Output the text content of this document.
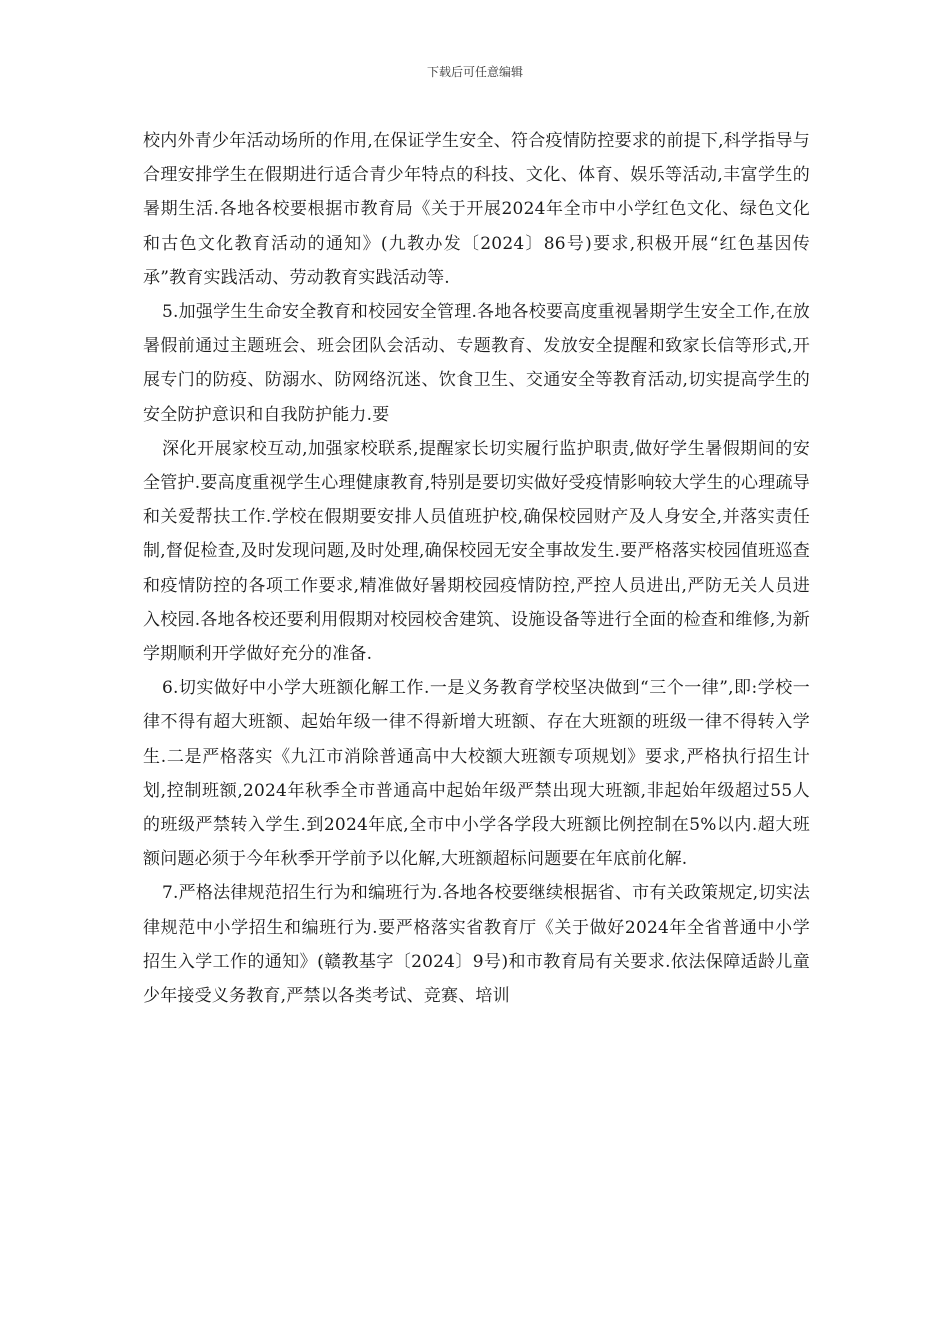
下载后可任意编辑

校内外青少年活动场所的作用,在保证学生安全、符合疫情防控要求的前提下,科学指导与合理安排学生在假期进行适合青少年特点的科技、文化、体育、娱乐等活动,丰富学生的暑期生活.各地各校要根据市教育局《关于开展2024年全市中小学红色文化、绿色文化和古色文化教育活动的通知》(九教办发〔2024〕86号)要求,积极开展“红色基因传承”教育实践活动、劳动教育实践活动等.

5.加强学生生命安全教育和校园安全管理.各地各校要高度重视暑期学生安全工作,在放暑假前通过主题班会、班会团队会活动、专题教育、发放安全提醒和致家长信等形式,开展专门的防疫、防溺水、防网络沉迷、饮食卫生、交通安全等教育活动,切实提高学生的安全防护意识和自我防护能力.要

深化开展家校互动,加强家校联系,提醒家长切实履行监护职责,做好学生暑假期间的安全管护.要高度重视学生心理健康教育,特别是要切实做好受疫情影响较大学生的心理疏导和关爱帮扶工作.学校在假期要安排人员值班护校,确保校园财产及人身安全,并落实责任制,督促检查,及时发现问题,及时处理,确保校园无安全事故发生.要严格落实校园值班巡查和疫情防控的各项工作要求,精准做好暑期校园疫情防控,严控人员进出,严防无关人员进入校园.各地各校还要利用假期对校园校舍建筑、设施设备等进行全面的检查和维修,为新学期顺利开学做好充分的准备.

6.切实做好中小学大班额化解工作.一是义务教育学校坚决做到“三个一律”,即:学校一律不得有超大班额、起始年级一律不得新增大班额、存在大班额的班级一律不得转入学生.二是严格落实《九江市消除普通高中大校额大班额专项规划》要求,严格执行招生计划,控制班额,2024年秋季全市普通高中起始年级严禁出现大班额,非起始年级超过55人的班级严禁转入学生.到2024年底,全市中小学各学段大班额比例控制在5%以内.超大班额问题必须于今年秋季开学前予以化解,大班额超标问题要在年底前化解.

7.严格法律规范招生行为和编班行为.各地各校要继续根据省、市有关政策规定,切实法律规范中小学招生和编班行为.要严格落实省教育厅《关于做好2024年全省普通中小学招生入学工作的通知》(赣教基字〔2024〕9号)和市教育局有关要求.依法保障适龄儿童少年接受义务教育,严禁以各类考试、竞赛、培训
